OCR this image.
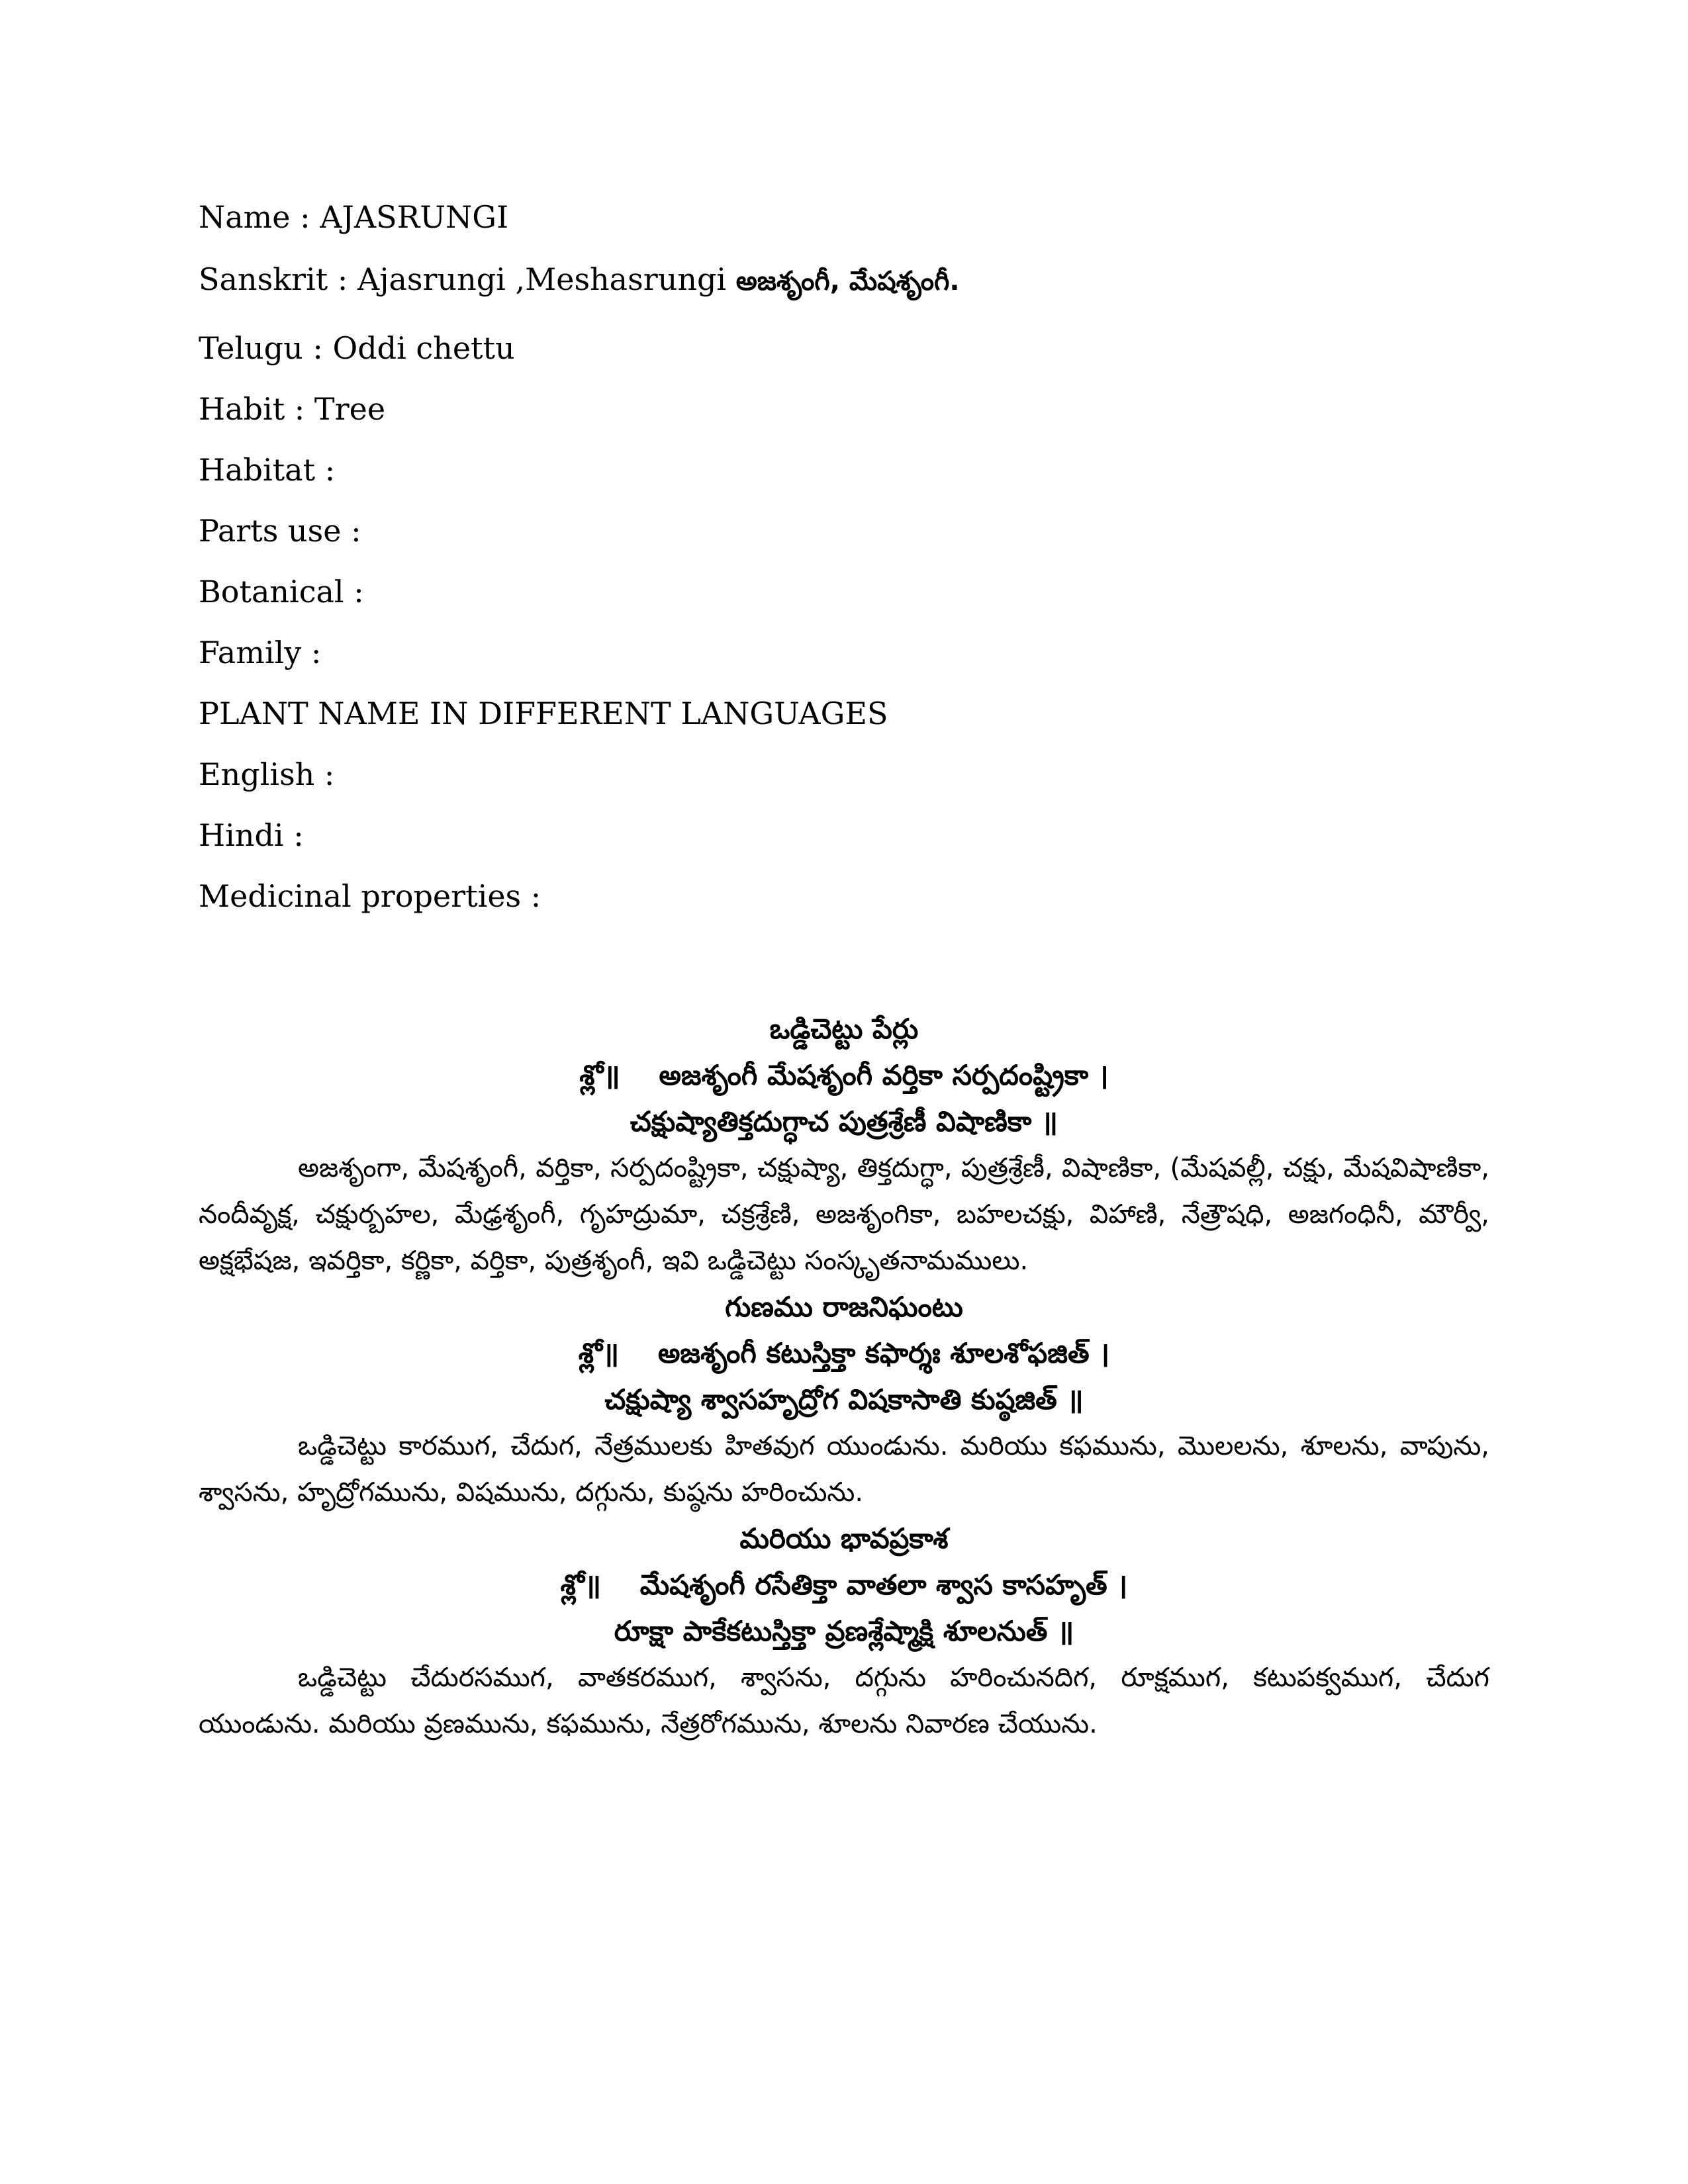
Name : AJASRUNGI
Sanskrit : Ajasrungi ,Meshasrungi అజశృంగీ, మేషశృంగీ.
Telugu : Oddi chettu
Habit : Tree
Habitat :
Parts use :
Botanical :
Family :
PLANT NAME IN DIFFERENT LANGUAGES
English :
Hindi :
Medicinal properties :
ఒడ్డిచెట్టు పేర్లు
శ్లో॥ అజశృంగీ మేషశృంగీ వర్తికా సర్పదంష్ట్రికా ।
చక్షుష్యాతిక్తదుగ్ధాచ పుత్రశ్రేణీ విషాణికా ॥
అజశృంగా, మేషశృంగీ, వర్తికా, సర్పదంష్ట్రికా, చక్షుష్యా, తిక్తదుగ్ధా, పుత్రశ్రేణీ, విషాణికా, (మేషవల్లీ, చక్షు, మేషవిషాణికా, నందీవృక్ష, చక్షుర్బహల, మేఢ్రశృంగీ, గృహద్రుమా, చక్రశ్రేణి, అజశృంగికా, బహలచక్షు, విహాణి, నేత్రౌషధి, అజగంధినీ, మౌర్వీ, అక్షభేషజ, ఇవర్తికా, కర్ణికా, వర్తికా, పుత్రశృంగీ, ఇవి ఒడ్డిచెట్టు సంస్కృతనామములు.
గుణము రాజనిఘంటు
శ్లో॥ అజశృంగీ కటుస్తిక్తా కఫార్శః శూలశోఫజిత్ ।
చక్షుష్యా శ్వాసహృద్రోగ విషకాసాతి కుష్ఠజిత్ ॥
ఒడ్డిచెట్టు కారముగ, చేదుగ, నేత్రములకు హితవుగ యుండును. మరియు కఫమును, మొలలను, శూలను, వాపును, శ్వాసను, హృద్రోగమును, విషమును, దగ్గును, కుష్ఠను హరించును.
మరియు భావప్రకాశ
శ్లో॥ మేషశృంగీ రసేతిక్తా వాతలా శ్వాస కాసహృత్ ।
రూక్షా పాకేకటుస్తిక్తా వ్రణశ్లేష్మాక్షి శూలనుత్ ॥
ఒడ్డిచెట్టు చేదురసముగ, వాతకరముగ, శ్వాసను, దగ్గును హరించునదిగ, రూక్షముగ, కటుపక్వముగ, చేదుగ యుండును. మరియు వ్రణమును, కఫమును, నేత్రరోగమును, శూలను నివారణ చేయును.
